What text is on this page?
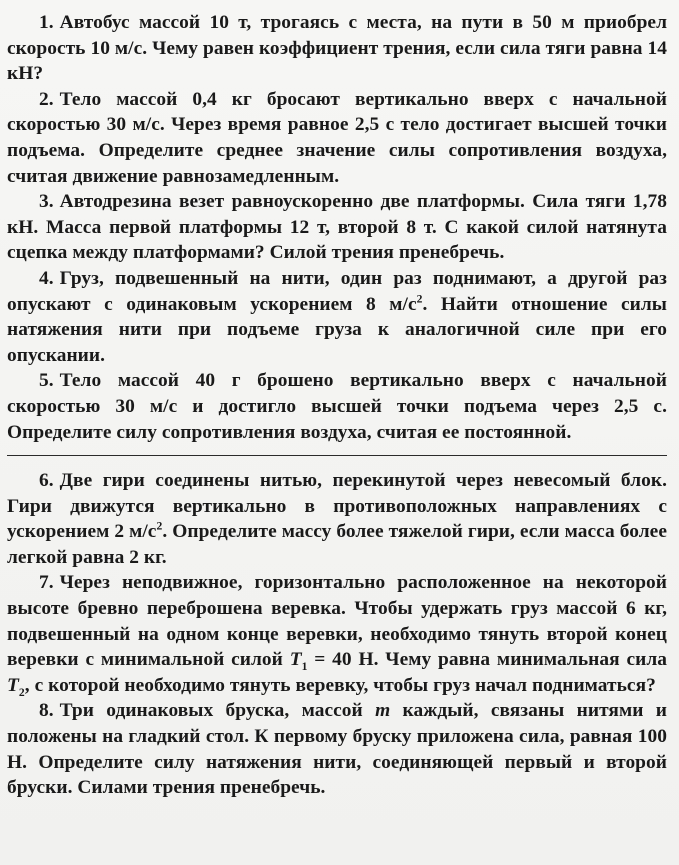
1. Автобус массой 10 т, трогаясь с места, на пути в 50 м приобрел скорость 10 м/с. Чему равен коэффициент трения, если сила тяги равна 14 кН?

2. Тело массой 0,4 кг бросают вертикально вверх с начальной скоростью 30 м/с. Через время равное 2,5 с тело достигает высшей точки подъема. Определите среднее значение силы сопротивления воздуха, считая движение равнозамедленным.

3. Автодрезина везет равноускоренно две платформы. Сила тяги 1,78 кН. Масса первой платформы 12 т, второй 8 т. С какой силой натянута сцепка между платформами? Силой трения пренебречь.

4. Груз, подвешенный на нити, один раз поднимают, а другой раз опускают с одинаковым ускорением 8 $м/с^2$. Найти отношение силы натяжения нити при подъеме груза к аналогичной силе при его опускании.

5. Тело массой 40 г брошено вертикально вверх с начальной скоростью 30 м/с и достигло высшей точки подъема через 2,5 с. Определите силу сопротивления воздуха, считая ее постоянной.

6. Две гири соединены нитью, перекинутой через невесомый блок. Гири движутся вертикально в противоположных направлениях с ускорением 2 $м/с^2$. Определите массу более тяжелой гири, если масса более легкой равна 2 кг.

7. Через неподвижное, горизонтально расположенное на некоторой высоте бревно переброшена веревка. Чтобы удержать груз массой 6 кг, подвешенный на одном конце веревки, необходимо тянуть второй конец веревки с минимальной силой $T_1 = 40$ Н. Чему равна минимальная сила $T_2$, с которой необходимо тянуть веревку, чтобы груз начал подниматься?

8. Три одинаковых бруска, массой m каждый, связаны нитями и положены на гладкий стол. К первому бруску приложена сила, равная 100 Н. Определите силу натяжения нити, соединяющей первый и второй бруски. Силами трения пренебречь.
